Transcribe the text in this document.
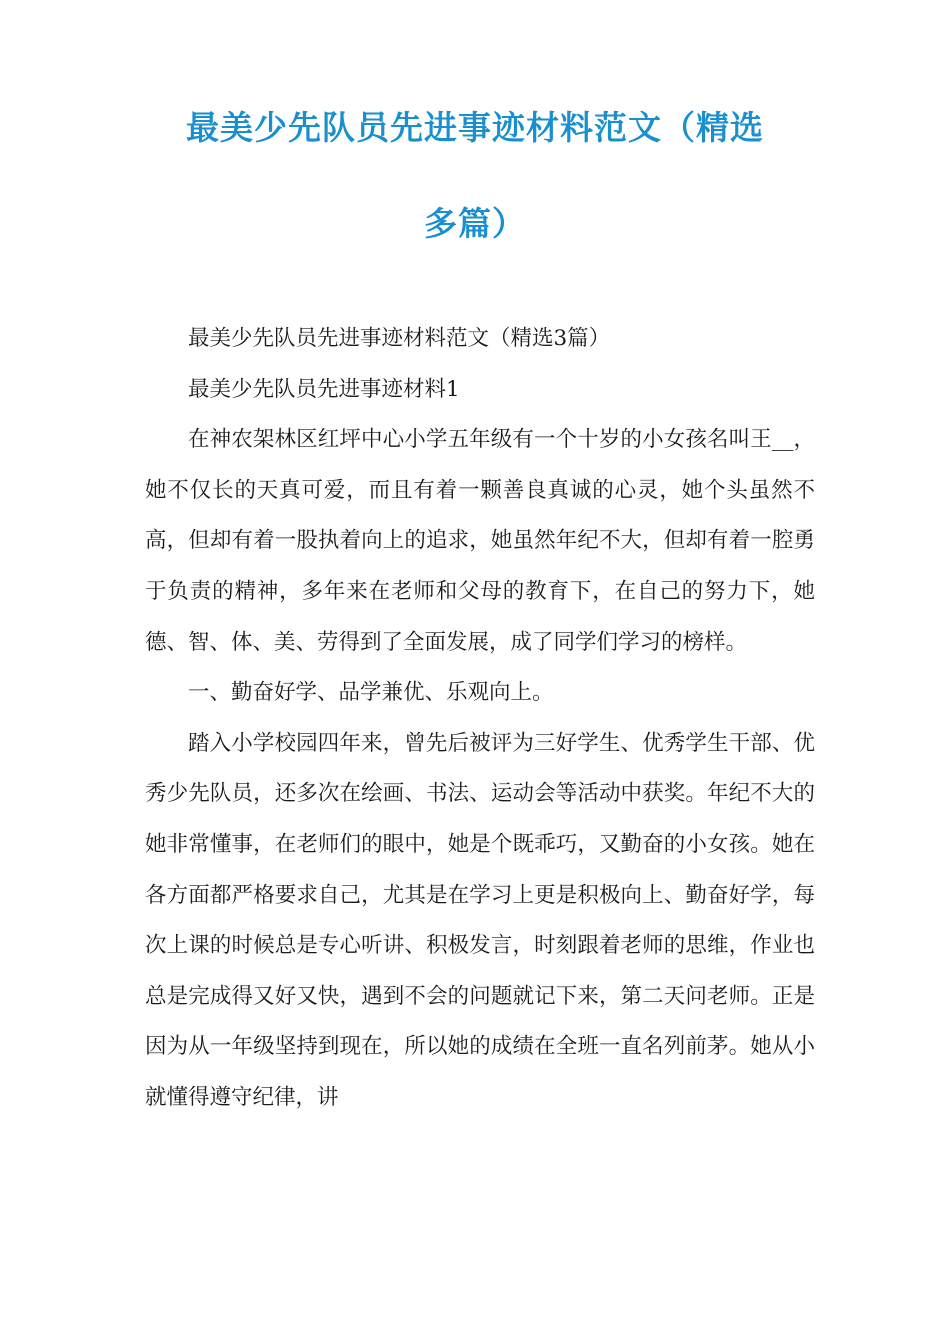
最美少先队员先进事迹材料范文（精选
多篇）

最美少先队员先进事迹材料范文（精选3篇）

最美少先队员先进事迹材料1

在神农架林区红坪中心小学五年级有一个十岁的小女孩名叫王__，她不仅长的天真可爱，而且有着一颗善良真诚的心灵，她个头虽然不高，但却有着一股执着向上的追求，她虽然年纪不大，但却有着一腔勇于负责的精神，多年来在老师和父母的教育下，在自己的努力下，她德、智、体、美、劳得到了全面发展，成了同学们学习的榜样。

一、勤奋好学、品学兼优、乐观向上。

踏入小学校园四年来，曾先后被评为三好学生、优秀学生干部、优秀少先队员，还多次在绘画、书法、运动会等活动中获奖。年纪不大的她非常懂事，在老师们的眼中，她是个既乖巧，又勤奋的小女孩。她在各方面都严格要求自己，尤其是在学习上更是积极向上、勤奋好学，每次上课的时候总是专心听讲、积极发言，时刻跟着老师的思维，作业也总是完成得又好又快，遇到不会的问题就记下来，第二天问老师。正是因为从一年级坚持到现在，所以她的成绩在全班一直名列前茅。她从小就懂得遵守纪律，讲
